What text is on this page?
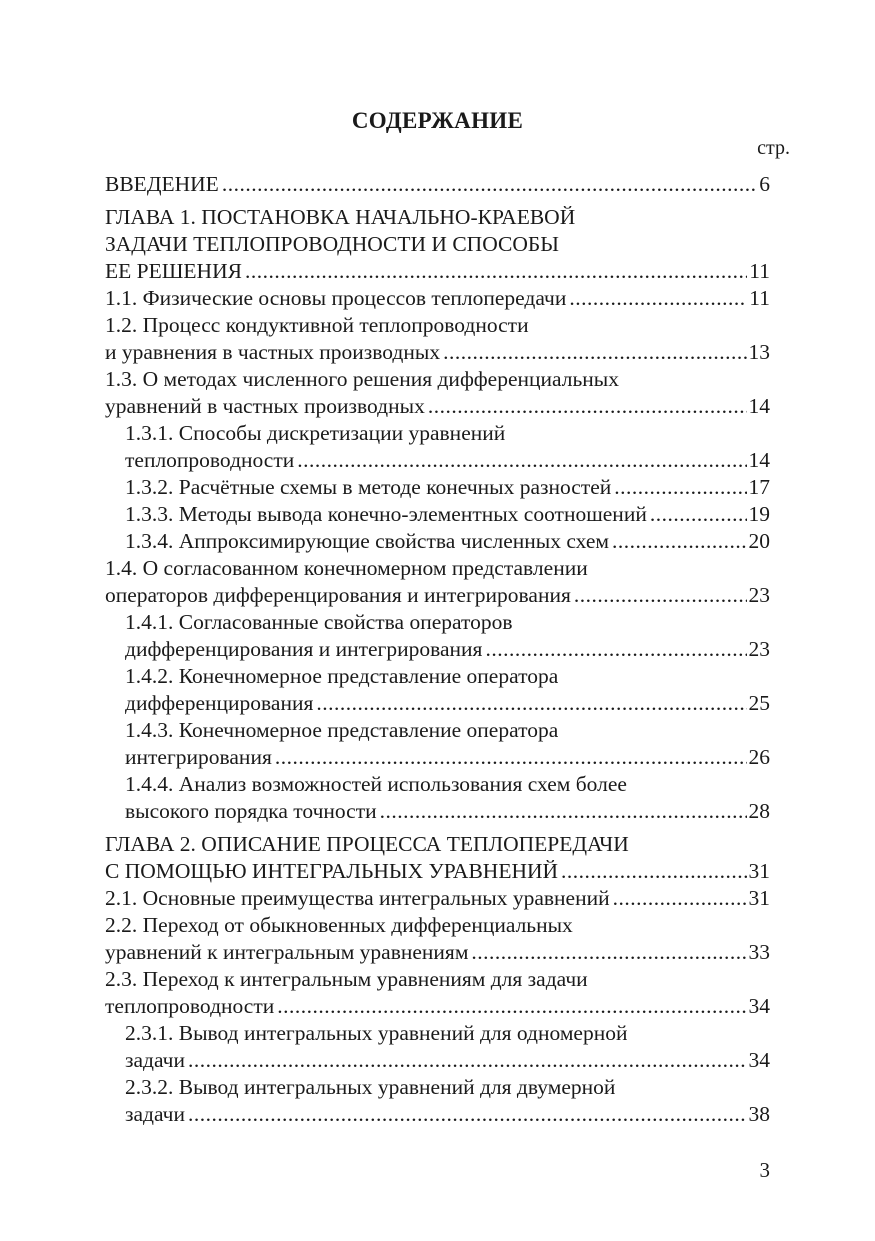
СОДЕРЖАНИЕ
стр.
ВВЕДЕНИЕ .....	6
ГЛАВА 1. ПОСТАНОВКА НАЧАЛЬНО-КРАЕВОЙ
ЗАДАЧИ ТЕПЛОПРОВОДНОСТИ И СПОСОБЫ
ЕЕ РЕШЕНИЯ .....	11
1.1. Физические основы процессов теплопередачи .....	11
1.2. Процесс кондуктивной теплопроводности
и уравнения в частных производных .....	13
1.3. О методах численного решения дифференциальных
уравнений в частных производных .....	14
1.3.1. Способы дискретизации уравнений
теплопроводности .....	14
1.3.2. Расчётные схемы в методе конечных разностей .....	17
1.3.3. Методы вывода конечно-элементных соотношений .....	19
1.3.4. Аппроксимирующие свойства численных схем .....	20
1.4. О согласованном конечномерном представлении
операторов дифференцирования и интегрирования .....	23
1.4.1. Согласованные свойства операторов
дифференцирования и интегрирования .....	23
1.4.2. Конечномерное представление оператора
дифференцирования .....	25
1.4.3. Конечномерное представление оператора
интегрирования .....	26
1.4.4. Анализ возможностей использования схем более
высокого порядка точности .....	28
ГЛАВА 2. ОПИСАНИЕ ПРОЦЕССА ТЕПЛОПЕРЕДАЧИ
С ПОМОЩЬЮ ИНТЕГРАЛЬНЫХ УРАВНЕНИЙ .....	31
2.1. Основные преимущества интегральных уравнений .....	31
2.2. Переход от обыкновенных дифференциальных
уравнений к интегральным уравнениям .....	33
2.3. Переход к интегральным уравнениям для задачи
теплопроводности .....	34
2.3.1. Вывод интегральных уравнений для одномерной
задачи .....	34
2.3.2. Вывод интегральных уравнений для двумерной
задачи .....	38
3
